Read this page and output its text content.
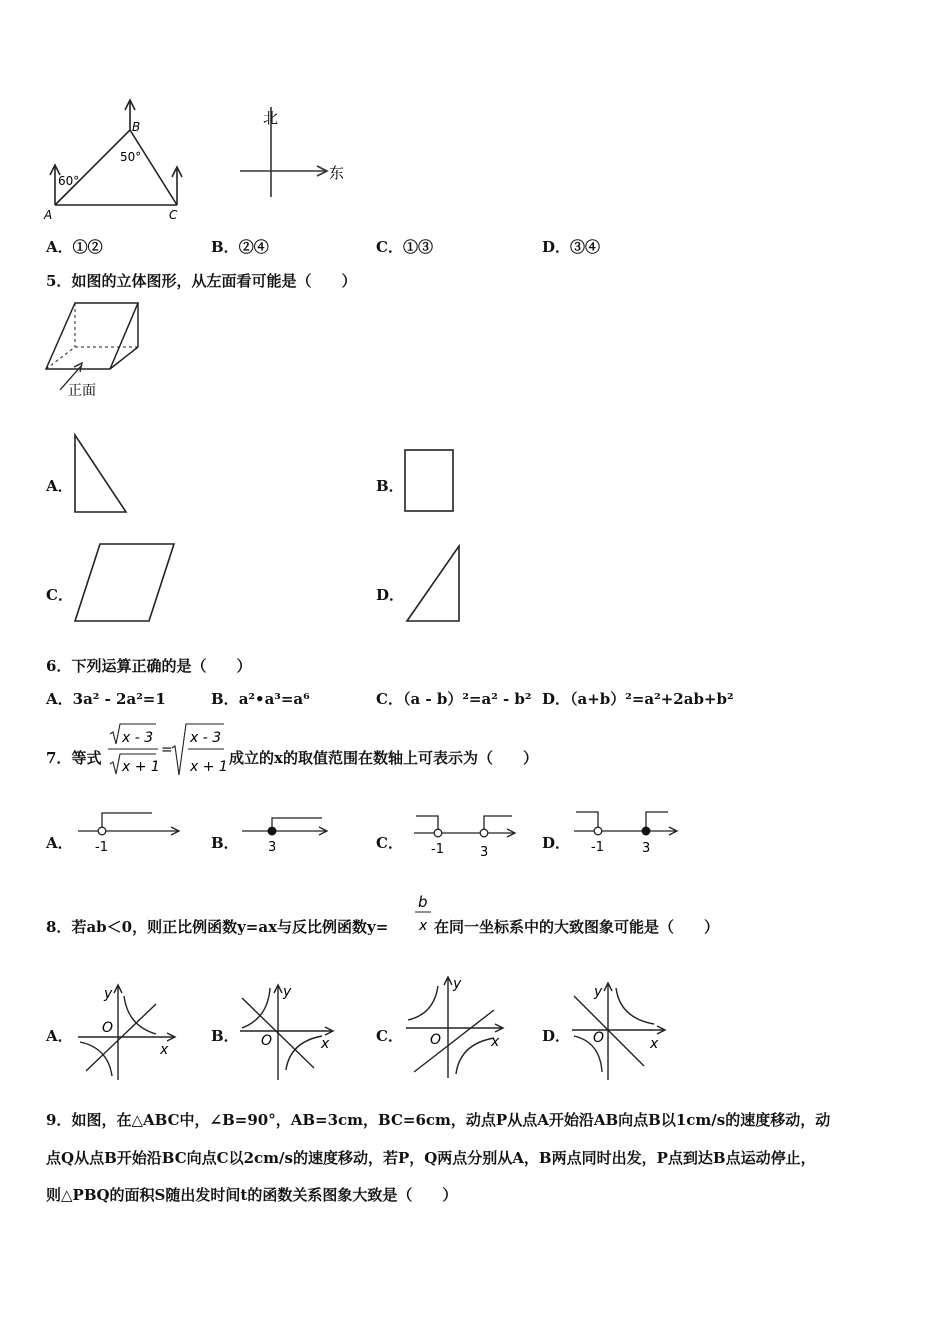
A
B
C
60°
50°
北
东
A．①②	B．②④	C．①③	D．③④
5．如图的立体图形，从左面看可能是（　　）
正面
A．	B．
C．	D．
6．下列运算正确的是（　　）
A．3a² - 2a²=1	B．a²•a³=a⁶	C．（a - b）²=a² - b² D．（a+b）²=a²+2ab+b²
7．等式
x - 3
x + 1
=
x - 3
x + 1 成立的x的取值范围在数轴上可表示为（　　）
A． -1	B． 3	C． -1	3
D． -1	3
8．若ab＜0，则正比例函数y=ax与反比例函数y=
b
x 在同一坐标系中的大致图象可能是（　　）
A．
y
x
O	B．
y
x
O	C．
y
x
O	D．
y
x
O
9．如图，在△ABC中，∠B=90°，AB=3cm，BC=6cm，动点P从点A开始沿AB向点B以1cm/s的速度移动，动
点Q从点B开始沿BC向点C以2cm/s的速度移动，若P，Q两点分别从A，B两点同时出发，P点到达B点运动停止，
则△PBQ的面积S随出发时间t的函数关系图象大致是（　　）
